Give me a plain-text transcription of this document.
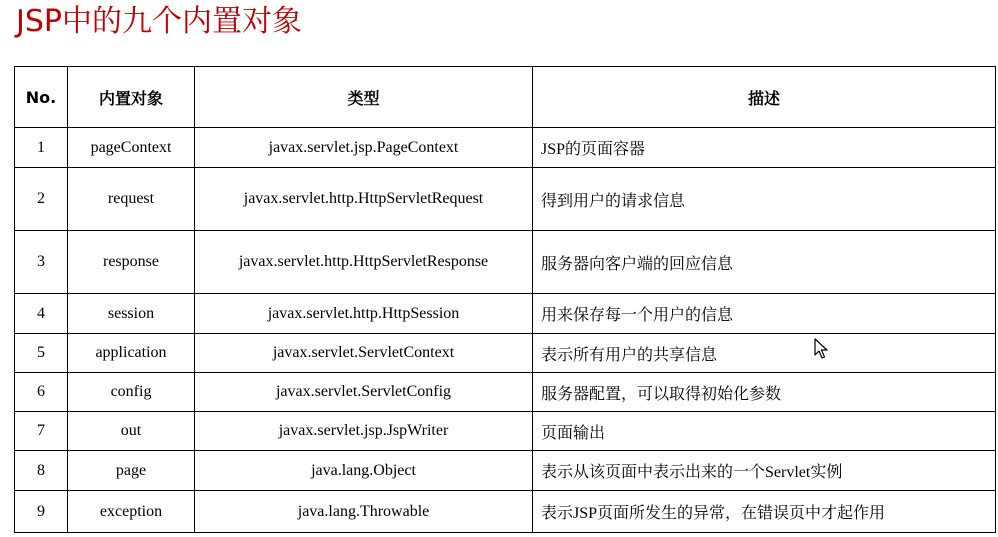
JSP中的九个内置对象
No.	内置对象	类型	描述
1	pageContext	javax.servlet.jsp.PageContext	JSP的页面容器
2	request	javax.servlet.http.HttpServletRequest	得到用户的请求信息
3	response	javax.servlet.http.HttpServletResponse	服务器向客户端的回应信息
4	session	javax.servlet.http.HttpSession	用来保存每一个用户的信息
5	application	javax.servlet.ServletContext	表示所有用户的共享信息
6	config	javax.servlet.ServletConfig	服务器配置，可以取得初始化参数
7	out	javax.servlet.jsp.JspWriter	页面输出
8	page	java.lang.Object	表示从该页面中表示出来的一个Servlet实例
9	exception	java.lang.Throwable	表示JSP页面所发生的异常，在错误页中才起作用
